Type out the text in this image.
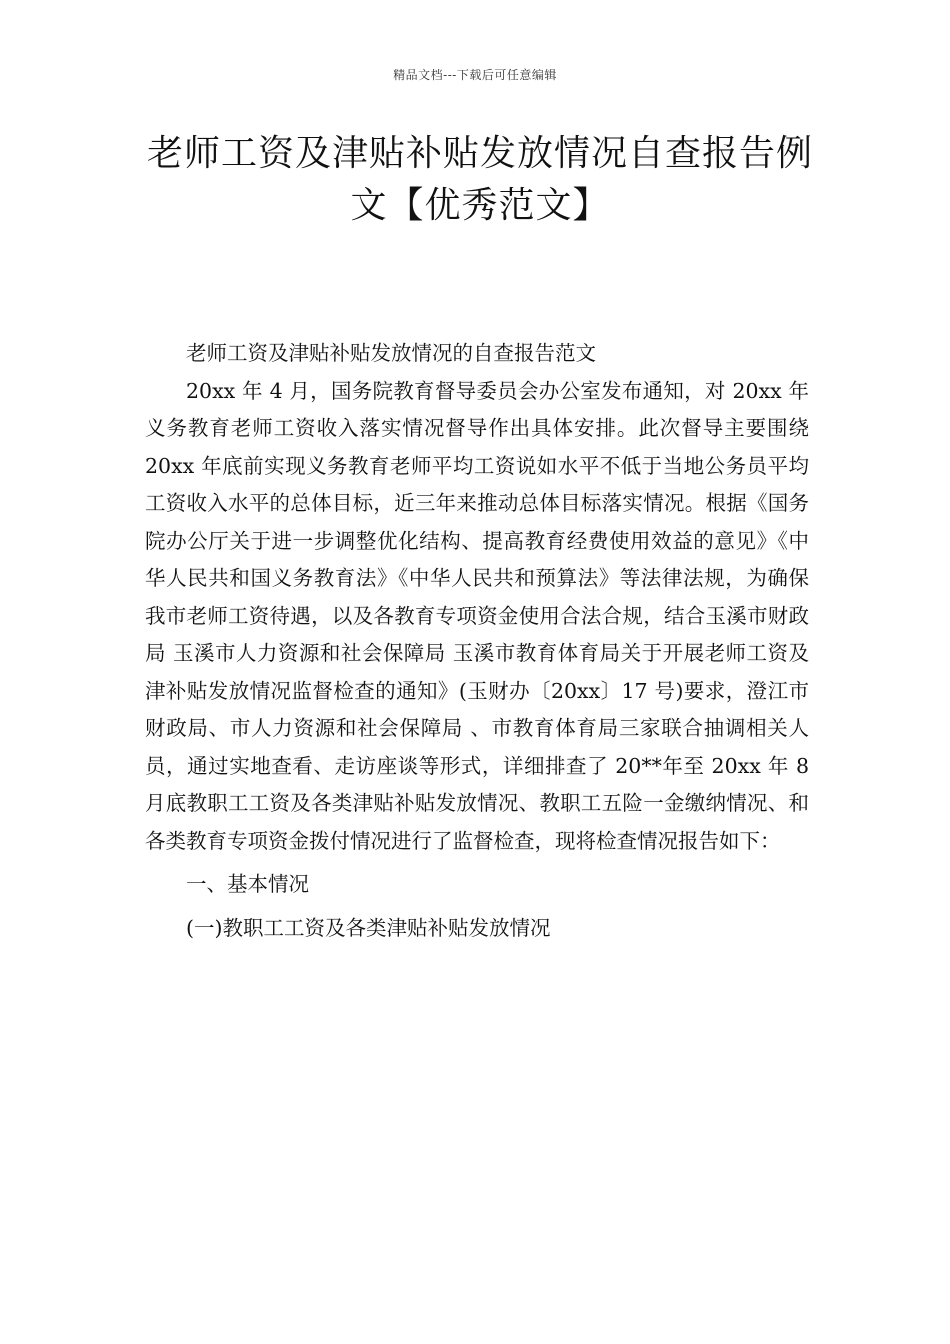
精品文档---下载后可任意编辑
老师工资及津贴补贴发放情况自查报告例文【优秀范文】

老师工资及津贴补贴发放情况的自查报告范文

20xx 年 4 月，国务院教育督导委员会办公室发布通知，对 20xx 年义务教育老师工资收入落实情况督导作出具体安排。此次督导主要围绕 20xx 年底前实现义务教育老师平均工资说如水平不低于当地公务员平均工资收入水平的总体目标，近三年来推动总体目标落实情况。根据《国务院办公厅关于进一步调整优化结构、提高教育经费使用效益的意见》《中华人民共和国义务教育法》《中华人民共和预算法》等法律法规，为确保我市老师工资待遇，以及各教育专项资金使用合法合规，结合玉溪市财政局 玉溪市人力资源和社会保障局 玉溪市教育体育局关于开展老师工资及津补贴发放情况监督检查的通知》(玉财办〔20xx〕17 号)要求，澄江市财政局、市人力资源和社会保障局 、市教育体育局三家联合抽调相关人员，通过实地查看、走访座谈等形式，详细排查了 20**年至 20xx 年 8 月底教职工工资及各类津贴补贴发放情况、教职工五险一金缴纳情况、和各类教育专项资金拨付情况进行了监督检查，现将检查情况报告如下：

一、基本情况

(一)教职工工资及各类津贴补贴发放情况
